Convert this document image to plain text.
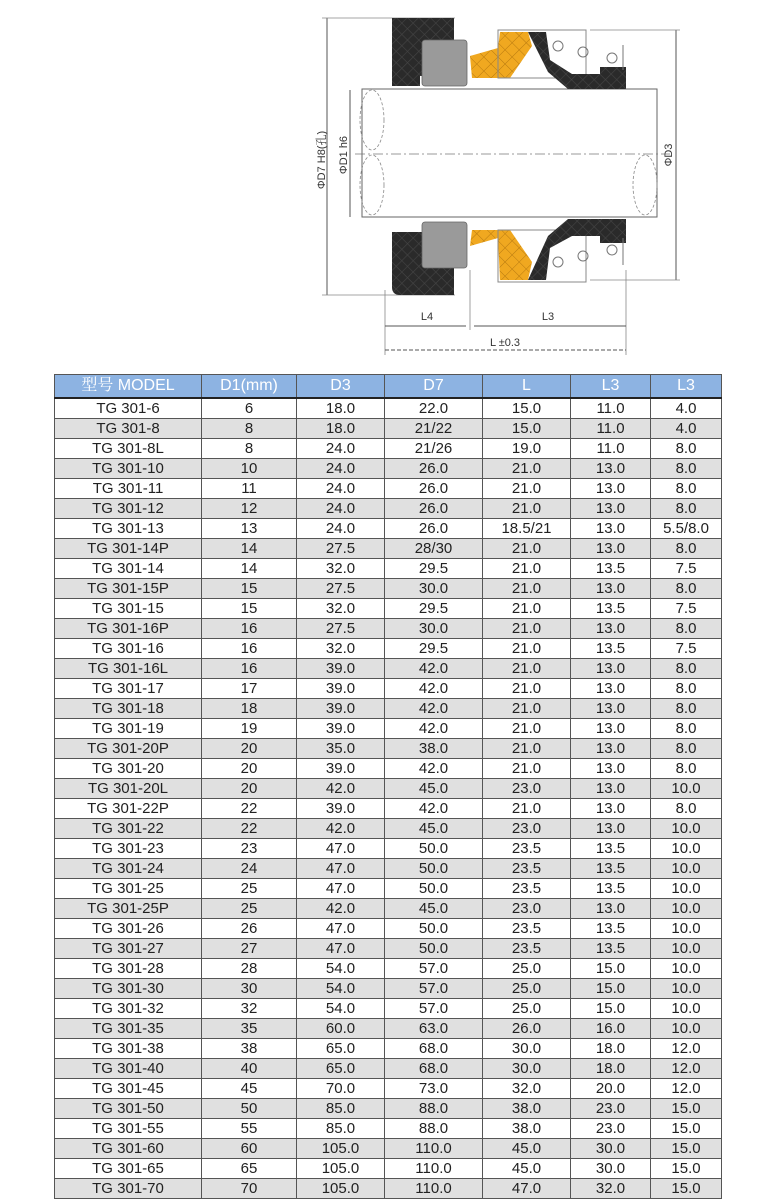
ΦD7 H8(孔) ΦD1 h6	ΦD3
L4	L3
L ±0.3
型号 MODEL	D1(mm)	D3	D7	L	L3	L3
TG 301-6	6	18.0	22.0	15.0	11.0	4.0
TG 301-8	8	18.0	21/22	15.0	11.0	4.0
TG 301-8L	8	24.0	21/26	19.0	11.0	8.0
TG 301-10	10	24.0	26.0	21.0	13.0	8.0
TG 301-11	11	24.0	26.0	21.0	13.0	8.0
TG 301-12	12	24.0	26.0	21.0	13.0	8.0
TG 301-13	13	24.0	26.0	18.5/21	13.0	5.5/8.0
TG 301-14P	14	27.5	28/30	21.0	13.0	8.0
TG 301-14	14	32.0	29.5	21.0	13.5	7.5
TG 301-15P	15	27.5	30.0	21.0	13.0	8.0
TG 301-15	15	32.0	29.5	21.0	13.5	7.5
TG 301-16P	16	27.5	30.0	21.0	13.0	8.0
TG 301-16	16	32.0	29.5	21.0	13.5	7.5
TG 301-16L	16	39.0	42.0	21.0	13.0	8.0
TG 301-17	17	39.0	42.0	21.0	13.0	8.0
TG 301-18	18	39.0	42.0	21.0	13.0	8.0
TG 301-19	19	39.0	42.0	21.0	13.0	8.0
TG 301-20P	20	35.0	38.0	21.0	13.0	8.0
TG 301-20	20	39.0	42.0	21.0	13.0	8.0
TG 301-20L	20	42.0	45.0	23.0	13.0	10.0
TG 301-22P	22	39.0	42.0	21.0	13.0	8.0
TG 301-22	22	42.0	45.0	23.0	13.0	10.0
TG 301-23	23	47.0	50.0	23.5	13.5	10.0
TG 301-24	24	47.0	50.0	23.5	13.5	10.0
TG 301-25	25	47.0	50.0	23.5	13.5	10.0
TG 301-25P	25	42.0	45.0	23.0	13.0	10.0
TG 301-26	26	47.0	50.0	23.5	13.5	10.0
TG 301-27	27	47.0	50.0	23.5	13.5	10.0
TG 301-28	28	54.0	57.0	25.0	15.0	10.0
TG 301-30	30	54.0	57.0	25.0	15.0	10.0
TG 301-32	32	54.0	57.0	25.0	15.0	10.0
TG 301-35	35	60.0	63.0	26.0	16.0	10.0
TG 301-38	38	65.0	68.0	30.0	18.0	12.0
TG 301-40	40	65.0	68.0	30.0	18.0	12.0
TG 301-45	45	70.0	73.0	32.0	20.0	12.0
TG 301-50	50	85.0	88.0	38.0	23.0	15.0
TG 301-55	55	85.0	88.0	38.0	23.0	15.0
TG 301-60	60	105.0	110.0	45.0	30.0	15.0
TG 301-65	65	105.0	110.0	45.0	30.0	15.0
TG 301-70	70	105.0	110.0	47.0	32.0	15.0
